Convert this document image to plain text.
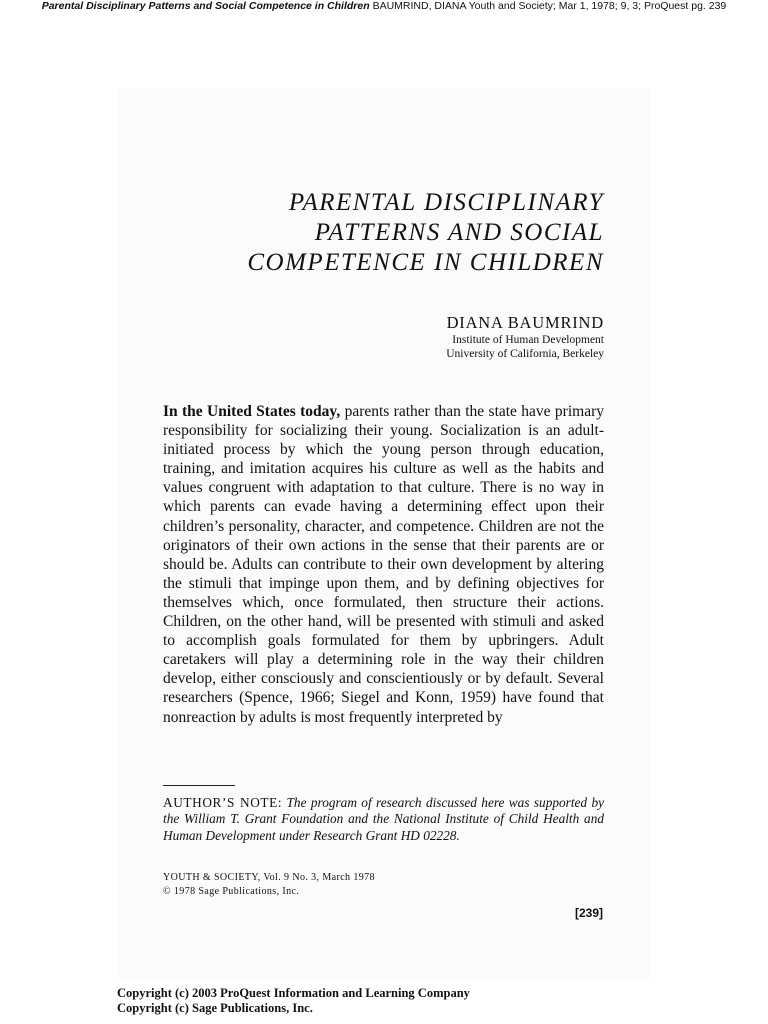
Parental Disciplinary Patterns and Social Competence in Children BAUMRIND, DIANA Youth and Society; Mar 1, 1978; 9, 3; ProQuest pg. 239
PARENTAL DISCIPLINARY
PATTERNS AND SOCIAL
COMPETENCE IN CHILDREN
DIANA BAUMRIND
Institute of Human Development
University of California, Berkeley
In the United States today, parents rather than the state have primary responsibility for socializing their young. Socialization is an adult-initiated process by which the young person through education, training, and imitation acquires his culture as well as the habits and values congruent with adaptation to that culture. There is no way in which parents can evade having a determining effect upon their children’s personality, character, and competence. Children are not the originators of their own actions in the sense that their parents are or should be. Adults can contribute to their own development by altering the stimuli that impinge upon them, and by defining objectives for themselves which, once formulated, then structure their actions. Children, on the other hand, will be presented with stimuli and asked to accomplish goals formulated for them by upbringers. Adult caretakers will play a determining role in the way their children develop, either consciously and conscientiously or by default. Several researchers (Spence, 1966; Siegel and Konn, 1959) have found that nonreaction by adults is most frequently interpreted by
AUTHOR’S NOTE: The program of research discussed here was supported by the William T. Grant Foundation and the National Institute of Child Health and Human Development under Research Grant HD 02228.
YOUTH & SOCIETY, Vol. 9 No. 3, March 1978
© 1978 Sage Publications, Inc.
[239]
Copyright (c) 2003 ProQuest Information and Learning Company
Copyright (c) Sage Publications, Inc.
